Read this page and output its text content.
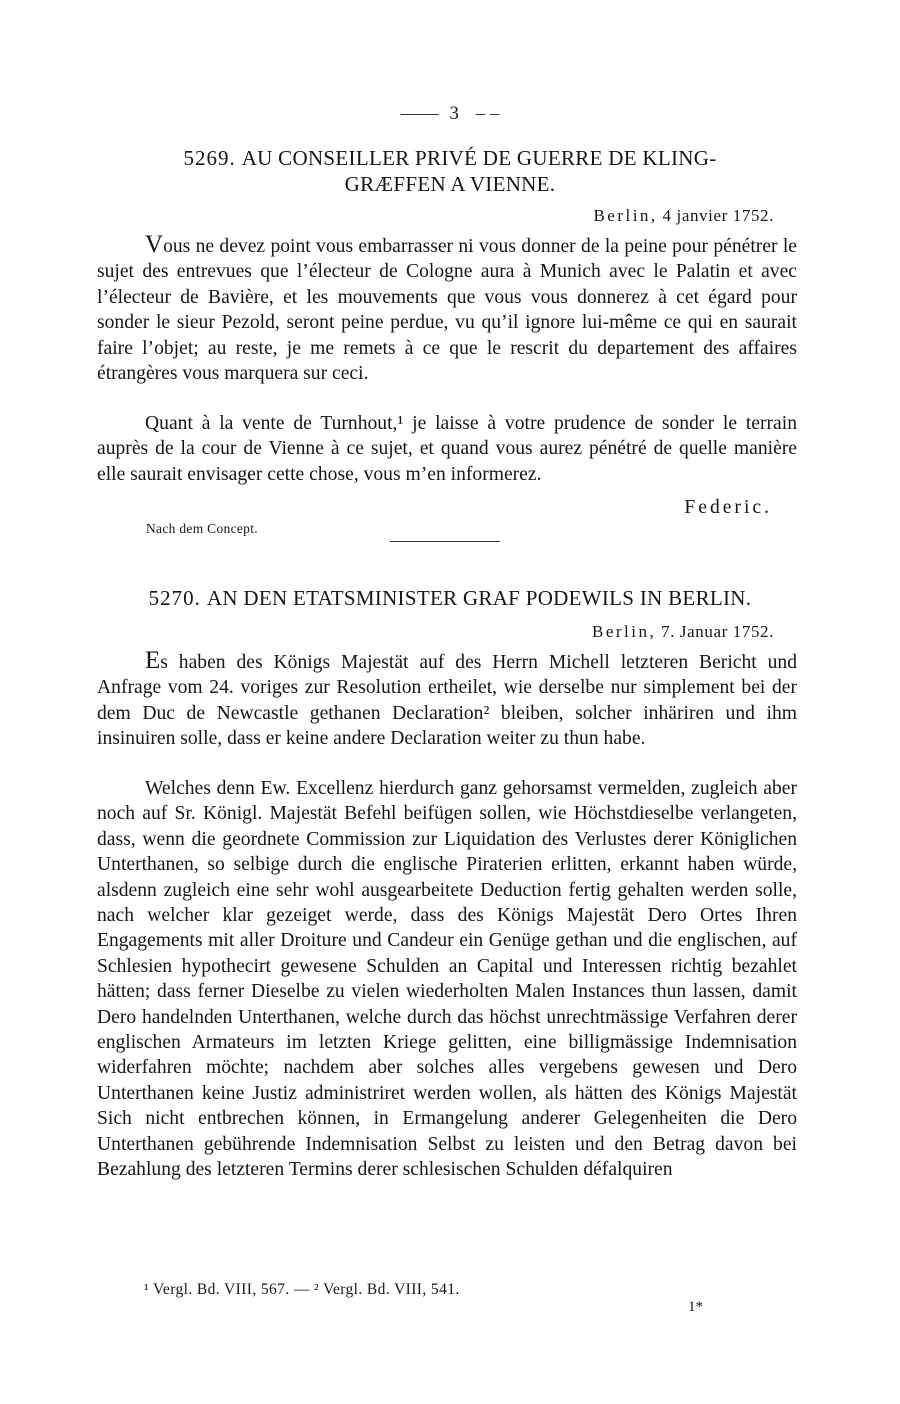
—— 3 – –
5269. AU CONSEILLER PRIVÉ DE GUERRE DE KLING-
GRÆFFEN A VIENNE.
Berlin, 4 janvier 1752.

Vous ne devez point vous embarrasser ni vous donner de la peine pour pénétrer le sujet des entrevues que l’électeur de Cologne aura à Munich avec le Palatin et avec l’électeur de Bavière, et les mouvements que vous vous donnerez à cet égard pour sonder le sieur Pezold, seront peine perdue, vu qu’il ignore lui-même ce qui en saurait faire l’objet; au reste, je me remets à ce que le rescrit du departement des affaires étrangères vous marquera sur ceci.

Quant à la vente de Turnhout,¹ je laisse à votre prudence de sonder le terrain auprès de la cour de Vienne à ce sujet, et quand vous aurez pénétré de quelle manière elle saurait envisager cette chose, vous m’en informerez.

Federic.
Nach dem Concept.
5270. AN DEN ETATSMINISTER GRAF PODEWILS IN BERLIN.
Berlin, 7. Januar 1752.

Es haben des Königs Majestät auf des Herrn Michell letzteren Bericht und Anfrage vom 24. voriges zur Resolution ertheilet, wie derselbe nur simplement bei der dem Duc de Newcastle gethanen Declaration² bleiben, solcher inhäriren und ihm insinuiren solle, dass er keine andere Declaration weiter zu thun habe.

Welches denn Ew. Excellenz hierdurch ganz gehorsamst vermelden, zugleich aber noch auf Sr. Königl. Majestät Befehl beifügen sollen, wie Höchstdieselbe verlangeten, dass, wenn die geordnete Commission zur Liquidation des Verlustes derer Königlichen Unterthanen, so selbige durch die englische Piraterien erlitten, erkannt haben würde, alsdenn zugleich eine sehr wohl ausgearbeitete Deduction fertig gehalten werden solle, nach welcher klar gezeiget werde, dass des Königs Majestät Dero Ortes Ihren Engagements mit aller Droiture und Candeur ein Genüge gethan und die englischen, auf Schlesien hypothecirt gewesene Schulden an Capital und Interessen richtig bezahlet hätten; dass ferner Dieselbe zu vielen wiederholten Malen Instances thun lassen, damit Dero handelnden Unterthanen, welche durch das höchst unrechtmässige Verfahren derer englischen Armateurs im letzten Kriege gelitten, eine billigmässige Indemnisation widerfahren möchte; nachdem aber solches alles vergebens gewesen und Dero Unterthanen keine Justiz administriret werden wollen, als hätten des Königs Majestät Sich nicht entbrechen können, in Ermangelung anderer Gelegenheiten die Dero Unterthanen gebührende Indemnisation Selbst zu leisten und den Betrag davon bei Bezahlung des letzteren Termins derer schlesischen Schulden défalquiren

¹ Vergl. Bd. VIII, 567. — ² Vergl. Bd. VIII, 541.
1*
